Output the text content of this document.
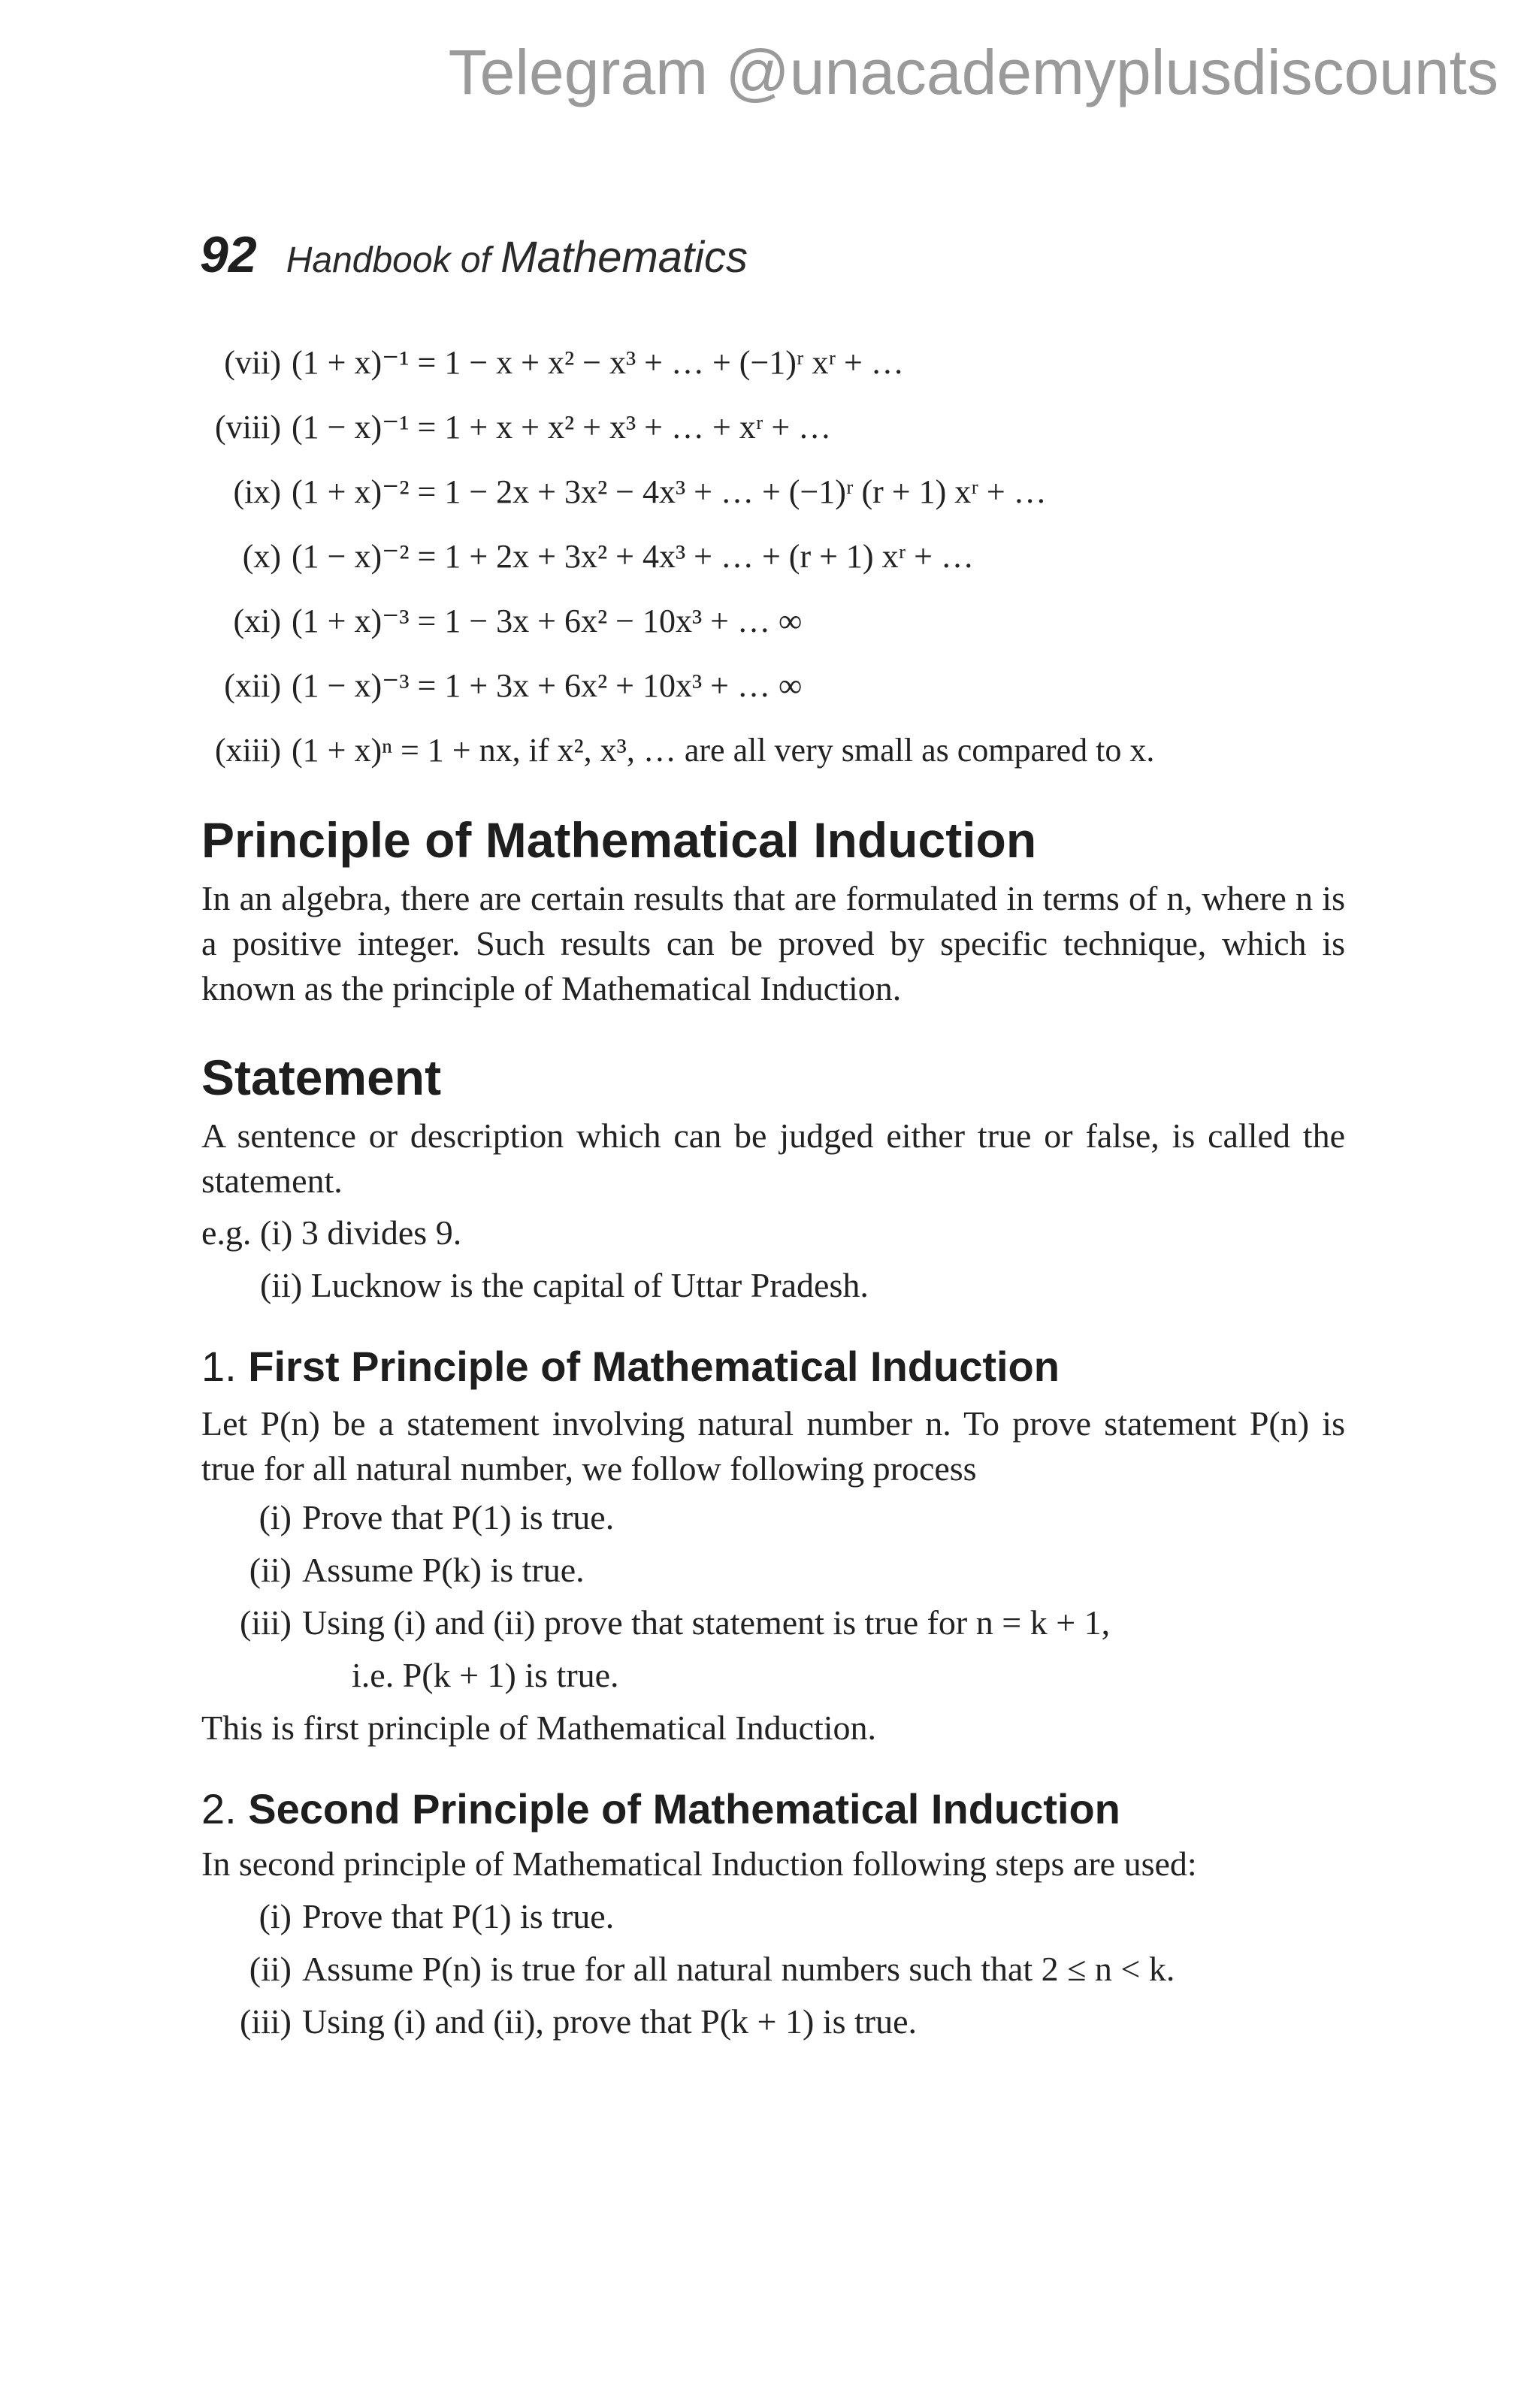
Telegram @unacademyplusdiscounts
92 Handbook of Mathematics
(vii) (1 + x)⁻¹ = 1 − x + x² − x³ + … + (−1)ʳ xʳ + …
(viii) (1 − x)⁻¹ = 1 + x + x² + x³ + … + xʳ + …
(ix) (1 + x)⁻² = 1 − 2x + 3x² − 4x³ + … + (−1)ʳ (r + 1) xʳ + …
(x) (1 − x)⁻² = 1 + 2x + 3x² + 4x³ + … + (r + 1) xʳ + …
(xi) (1 + x)⁻³ = 1 − 3x + 6x² − 10x³ + … ∞
(xii) (1 − x)⁻³ = 1 + 3x + 6x² + 10x³ + … ∞
(xiii) (1 + x)ⁿ = 1 + nx, if x², x³, … are all very small as compared to x.
Principle of Mathematical Induction

In an algebra, there are certain results that are formulated in terms of n, where n is a positive integer. Such results can be proved by specific technique, which is known as the principle of Mathematical Induction.

Statement

A sentence or description which can be judged either true or false, is called the statement.

e.g. (i) 3 divides 9.
(ii) Lucknow is the capital of Uttar Pradesh.
1. First Principle of Mathematical Induction

Let P(n) be a statement involving natural number n. To prove statement P(n) is true for all natural number, we follow following process

(i) Prove that P(1) is true.
(ii) Assume P(k) is true.
(iii) Using (i) and (ii) prove that statement is true for n = k + 1,
i.e. P(k + 1) is true.
This is first principle of Mathematical Induction.
2. Second Principle of Mathematical Induction
In second principle of Mathematical Induction following steps are used:
(i) Prove that P(1) is true.
(ii) Assume P(n) is true for all natural numbers such that 2 ≤ n < k.
(iii) Using (i) and (ii), prove that P(k + 1) is true.
